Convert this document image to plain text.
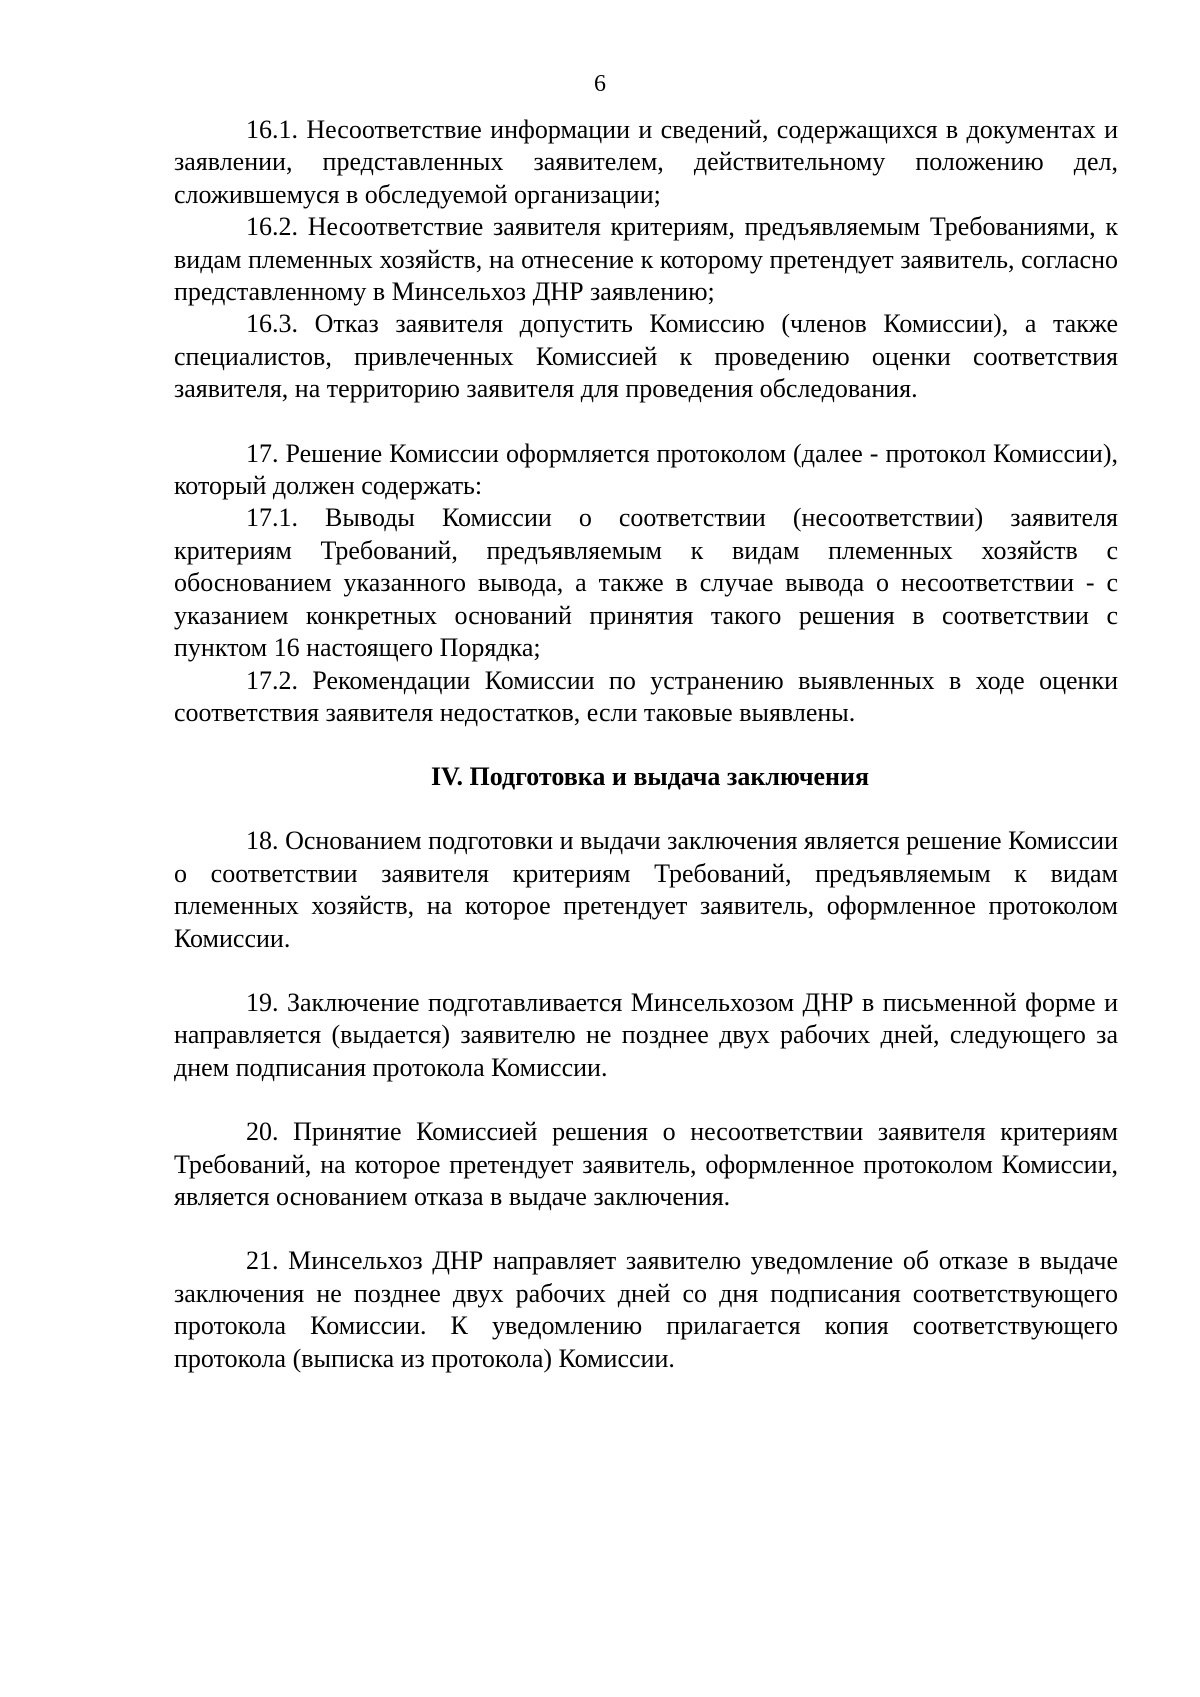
6

16.1. Несоответствие информации и сведений, содержащихся в документах и заявлении, представленных заявителем, действительному положению дел, сложившемуся в обследуемой организации;

16.2. Несоответствие заявителя критериям, предъявляемым Требованиями, к видам племенных хозяйств, на отнесение к которому претендует заявитель, согласно представленному в Минсельхоз ДНР заявлению;

16.3. Отказ заявителя допустить Комиссию (членов Комиссии), а также специалистов, привлеченных Комиссией к проведению оценки соответствия заявителя, на территорию заявителя для проведения обследования.

17. Решение Комиссии оформляется протоколом (далее - протокол Комиссии), который должен содержать:

17.1. Выводы Комиссии о соответствии (несоответствии) заявителя критериям Требований, предъявляемым к видам племенных хозяйств с обоснованием указанного вывода, а также в случае вывода о несоответствии - с указанием конкретных оснований принятия такого решения в соответствии с пунктом 16 настоящего Порядка;

17.2. Рекомендации Комиссии по устранению выявленных в ходе оценки соответствия заявителя недостатков, если таковые выявлены.

IV. Подготовка и выдача заключения

18. Основанием подготовки и выдачи заключения является решение Комиссии о соответствии заявителя критериям Требований, предъявляемым к видам племенных хозяйств, на которое претендует заявитель, оформленное протоколом Комиссии.

19. Заключение подготавливается Минсельхозом ДНР в письменной форме и направляется (выдается) заявителю не позднее двух рабочих дней, следующего за днем подписания протокола Комиссии.

20. Принятие Комиссией решения о несоответствии заявителя критериям Требований, на которое претендует заявитель, оформленное протоколом Комиссии, является основанием отказа в выдаче заключения.

21. Минсельхоз ДНР направляет заявителю уведомление об отказе в выдаче заключения не позднее двух рабочих дней со дня подписания соответствующего протокола Комиссии. К уведомлению прилагается копия соответствующего протокола (выписка из протокола) Комиссии.
